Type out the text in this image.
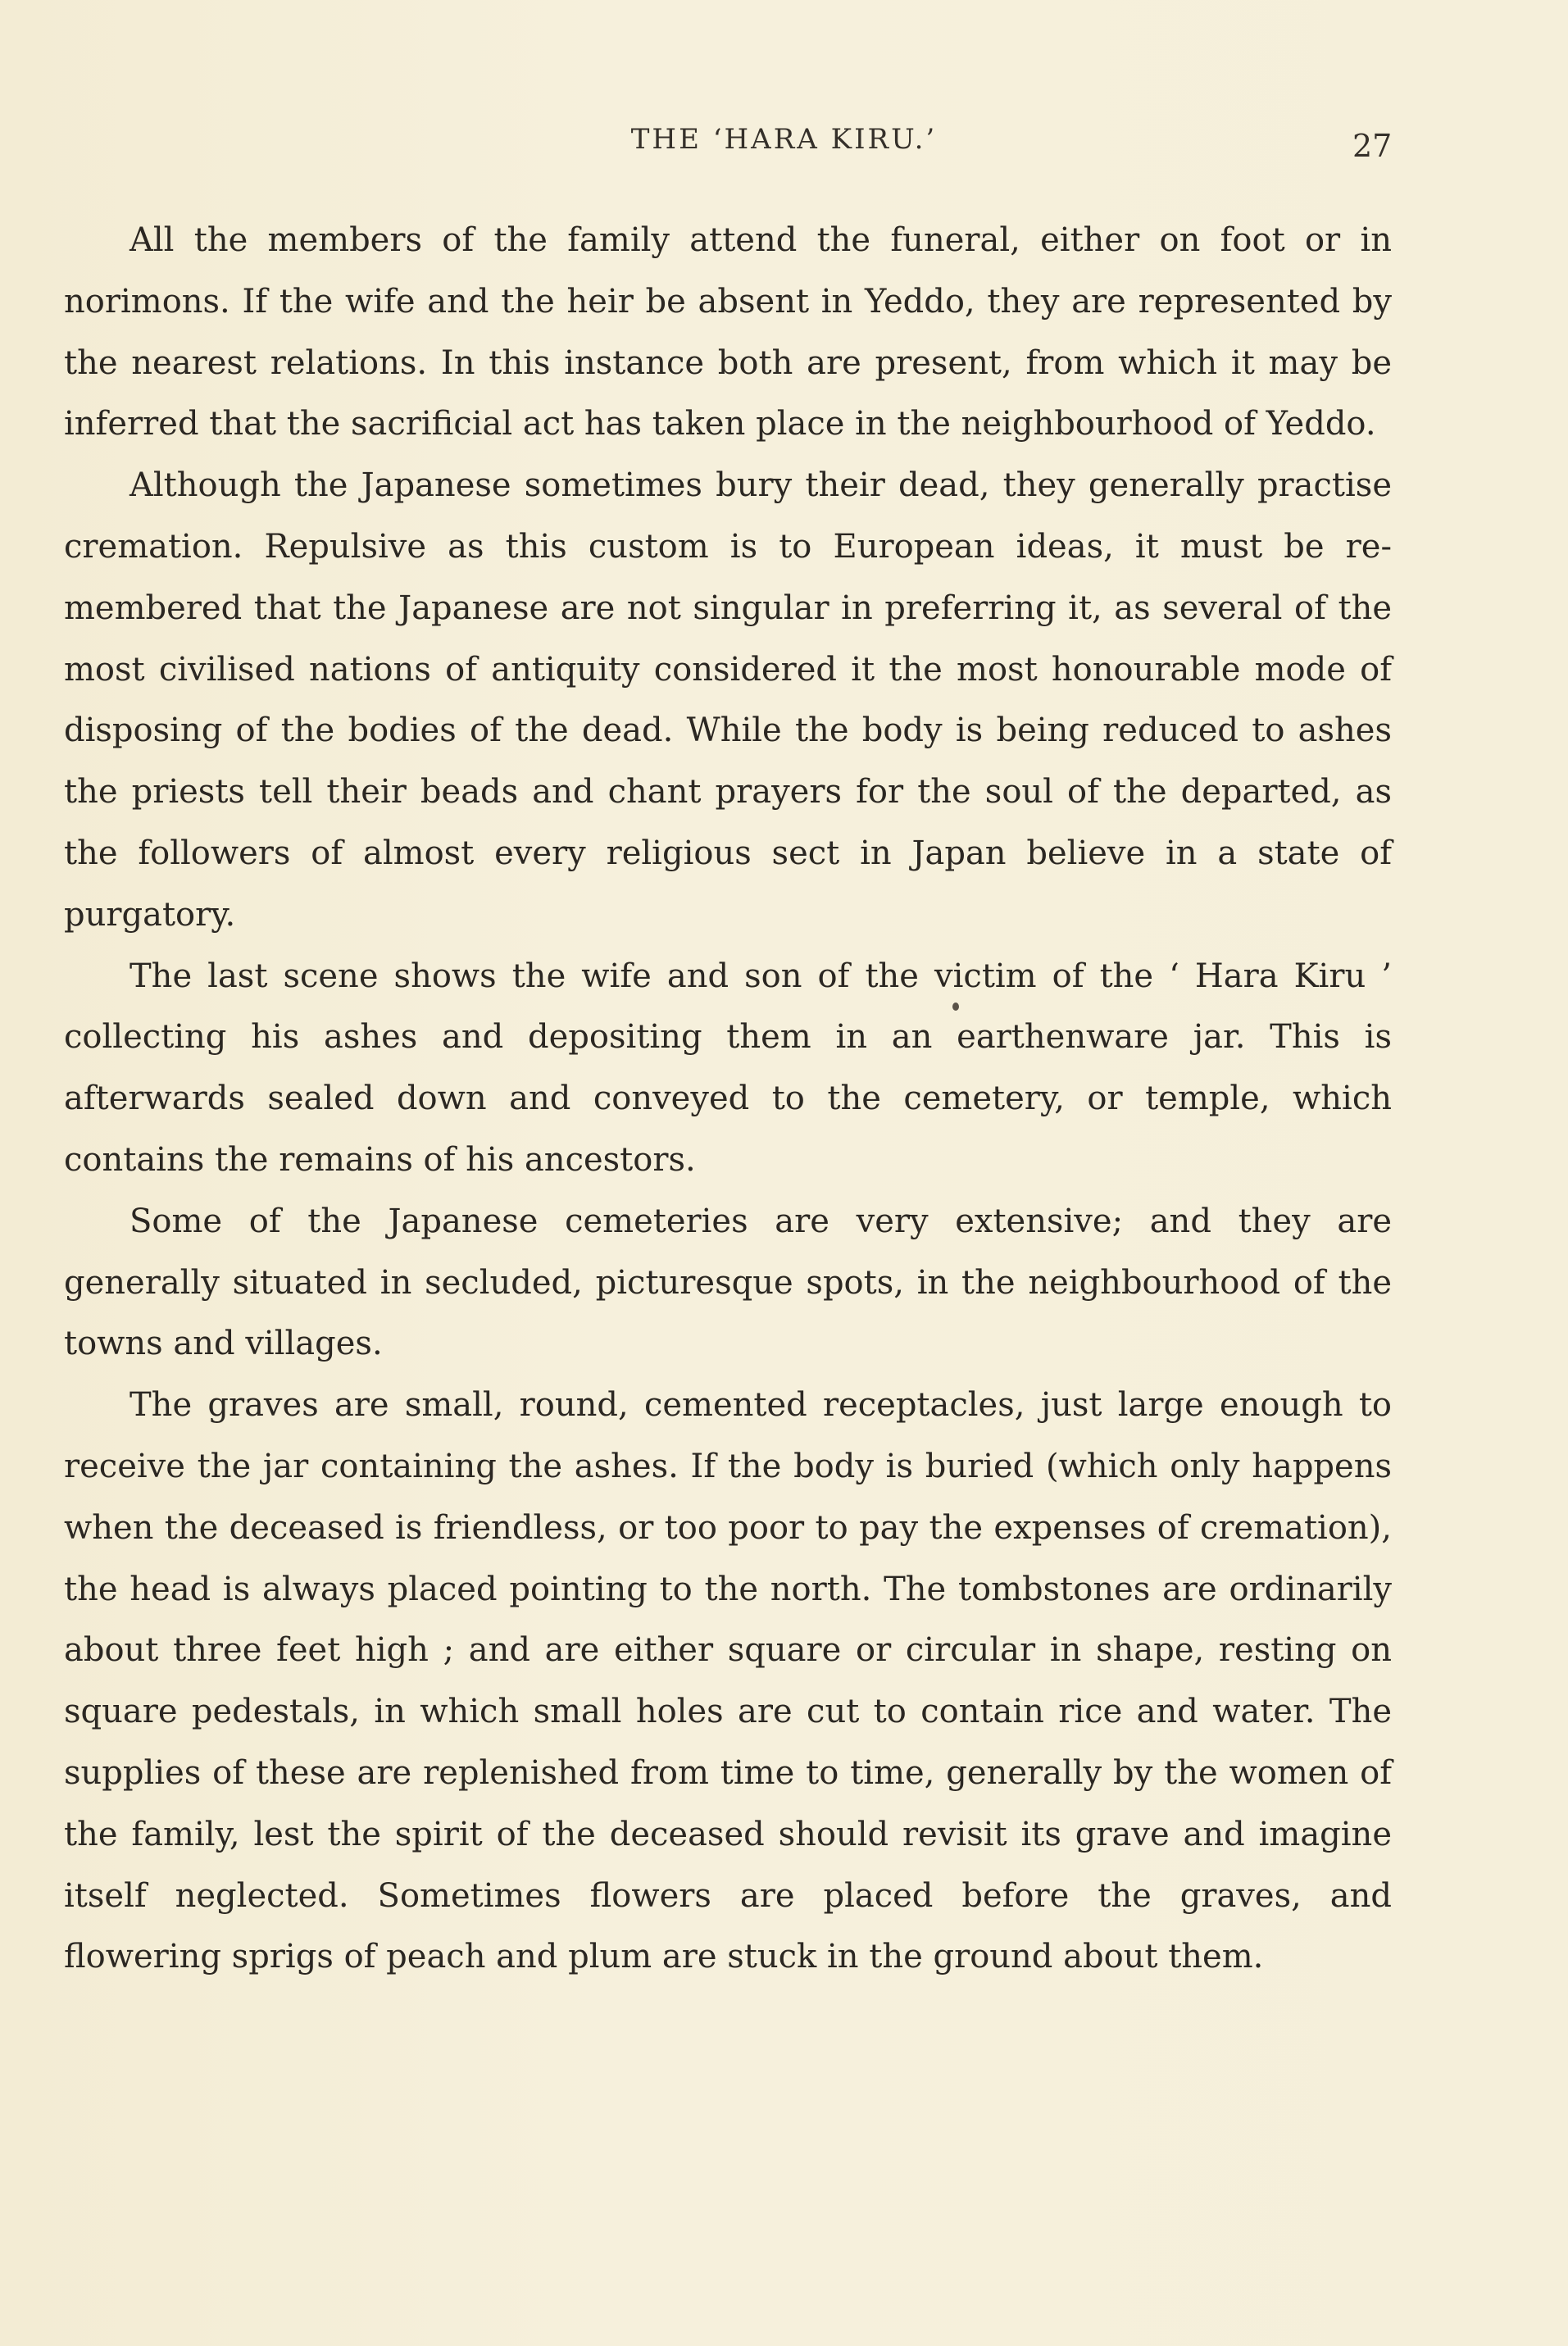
THE ‘HARA KIRU.’	27

All the members of the family attend the funeral, either on foot or in norimons. If the wife and the heir be absent in Yeddo, they are represented by the nearest relations. In this instance both are present, from which it may be inferred that the sacrificial act has taken place in the neighbourhood of Yeddo.

Although the Japanese sometimes bury their dead, they generally practise cremation. Repulsive as this custom is to European ideas, it must be re-membered that the Japanese are not singular in preferring it, as several of the most civilised nations of antiquity considered it the most honourable mode of disposing of the bodies of the dead. While the body is being reduced to ashes the priests tell their beads and chant prayers for the soul of the departed, as the followers of almost every religious sect in Japan believe in a state of purgatory.

The last scene shows the wife and son of the victim of the ‘ Hara Kiru ’ collecting his ashes and depositing them in an earthenware jar. This is afterwards sealed down and conveyed to the cemetery, or temple, which contains the remains of his ancestors.

Some of the Japanese cemeteries are very extensive; and they are generally situated in secluded, picturesque spots, in the neighbourhood of the towns and villages.

The graves are small, round, cemented receptacles, just large enough to receive the jar containing the ashes. If the body is buried (which only happens when the deceased is friendless, or too poor to pay the expenses of cremation), the head is always placed pointing to the north. The tombstones are ordinarily about three feet high ; and are either square or circular in shape, resting on square pedestals, in which small holes are cut to contain rice and water. The supplies of these are replenished from time to time, generally by the women of the family, lest the spirit of the deceased should revisit its grave and imagine itself neglected. Sometimes flowers are placed before the graves, and flowering sprigs of peach and plum are stuck in the ground about them.
